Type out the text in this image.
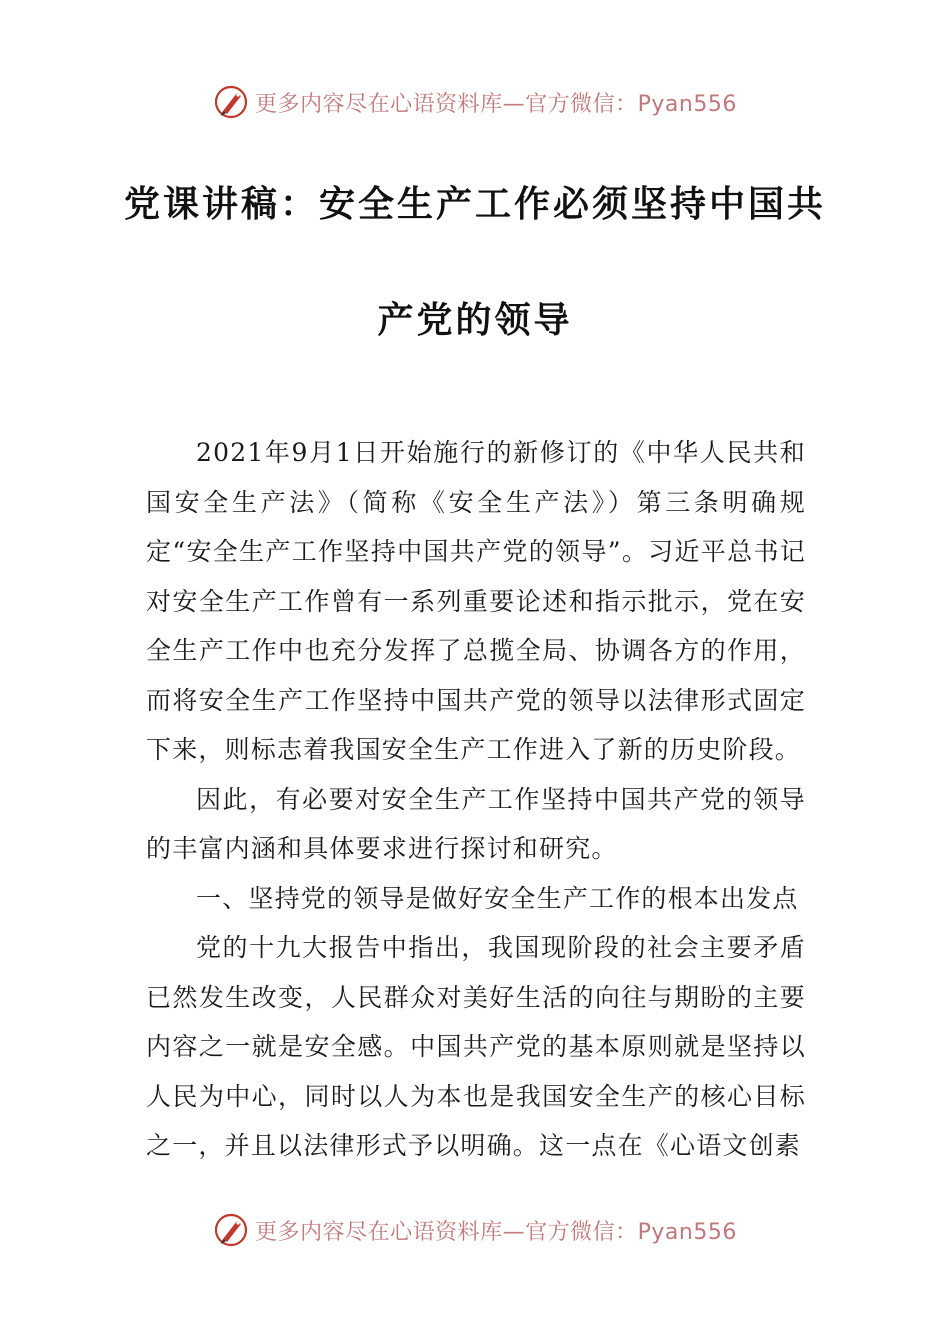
更多内容尽在心语资料库—官方微信：Pyan556
党课讲稿：安全生产工作必须坚持中国共
产党的领导

2021年9月1日开始施行的新修订的《中华人民共和国安全生产法》（简称《安全生产法》）第三条明确规定“安全生产工作坚持中国共产党的领导”。习近平总书记对安全生产工作曾有一系列重要论述和指示批示，党在安全生产工作中也充分发挥了总揽全局、协调各方的作用，而将安全生产工作坚持中国共产党的领导以法律形式固定下来，则标志着我国安全生产工作进入了新的历史阶段。

因此，有必要对安全生产工作坚持中国共产党的领导的丰富内涵和具体要求进行探讨和研究。

一、坚持党的领导是做好安全生产工作的根本出发点

党的十九大报告中指出，我国现阶段的社会主要矛盾已然发生改变，人民群众对美好生活的向往与期盼的主要内容之一就是安全感。中国共产党的基本原则就是坚持以人民为中心，同时以人为本也是我国安全生产的核心目标之一，并且以法律形式予以明确。这一点在《心语文创素

更多内容尽在心语资料库—官方微信：Pyan556
